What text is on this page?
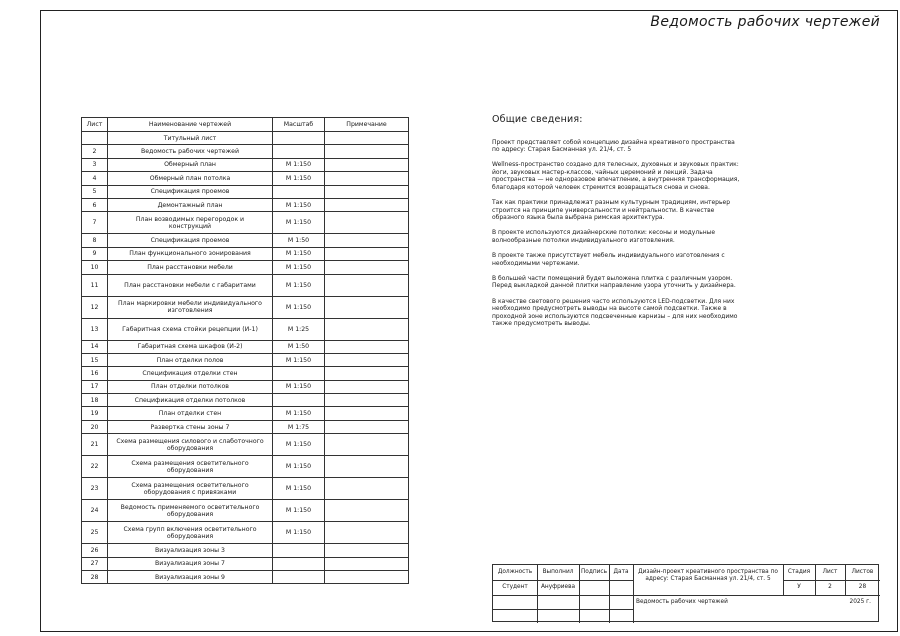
Ведомость рабочих чертежей
Лист	Наименование чертежей	Масштаб	Примечание
	Титульный лист		
2	Ведомость рабочих чертежей		
3	Обмерный план	М 1:150	
4	Обмерный план потолка	М 1:150	
5	Спецификация проемов		
6	Демонтажный план	М 1:150	
7	План возводимых перегородок и конструкций	М 1:150	
8	Спецификация проемов	М 1:50	
9	План функционального зонирования	М 1:150	
10	План расстановки мебели	М 1:150	
11	План расстановки мебели с габаритами	М 1:150	
12	План маркировки мебели индивидуального изготовления	М 1:150	
13	Габаритная схема стойки рецепции (И-1)	М 1:25	
14	Габаритная схема шкафов (И-2)	М 1:50	
15	План отделки полов	М 1:150	
16	Спецификация отделки стен		
17	План отделки потолков	М 1:150	
18	Спецификация отделки потолков		
19	План отделки стен	М 1:150	
20	Развертка стены зоны 7	М 1:75	
21	Схема размещения силового и слаботочного оборудования	М 1:150	
22	Схема размещения осветительного оборудования	М 1:150	
23	Схема размещения осветительного оборудования с привязками	М 1:150	
24	Ведомость применяемого осветительного оборудования	М 1:150	
25	Схема групп включения осветительного оборудования	М 1:150	
26	Визуализация зоны 3		
27	Визуализация зоны 7		
28	Визуализация зоны 9		
Общие сведения:

Проект представляет собой концепцию дизайна креативного пространства по адресу: Старая Басманная ул. 21/4, ст. 5

Wellness-пространство создано для телесных, духовных и звуковых практик: йоги, звуковых мастер-классов, чайных церемоний и лекций. Задача пространства — не одноразовое впечатление, а внутренняя трансформация, благодаря которой человек стремится возвращаться снова и снова.

Так как практики принадлежат разным культурным традициям, интерьер строится на принципе универсальности и нейтральности. В качестве образного языка была выбрана римская архитектура.

В проекте используются дизайнерские потолки: кесоны и модульные волнообразные потолки индивидуального изготовления.

В проекте также присутствует мебель индивидуального изготовления с необходимыми чертежами.

В большей части помещений будет выложена плитка с различным узором. Перед выкладкой данной плитки направление узора уточнить у дизайнера.

В качестве светового решения часто используются LED-подсветки. Для них необходимо предусмотреть выводы на высоте самой подсветки. Также в проходной зоне используются подсвеченные карнизы – для них необходимо также предусмотреть выводы.

Должность	Выполнил	Подпись	Дата
Студент	Ануфриева
Дизайн-проект креативного пространства по адресу: Старая Басманная ул. 21/4, ст. 5
Стадия	Лист	Листов
У	2	28
Ведомость рабочих чертежей	2025 г.
